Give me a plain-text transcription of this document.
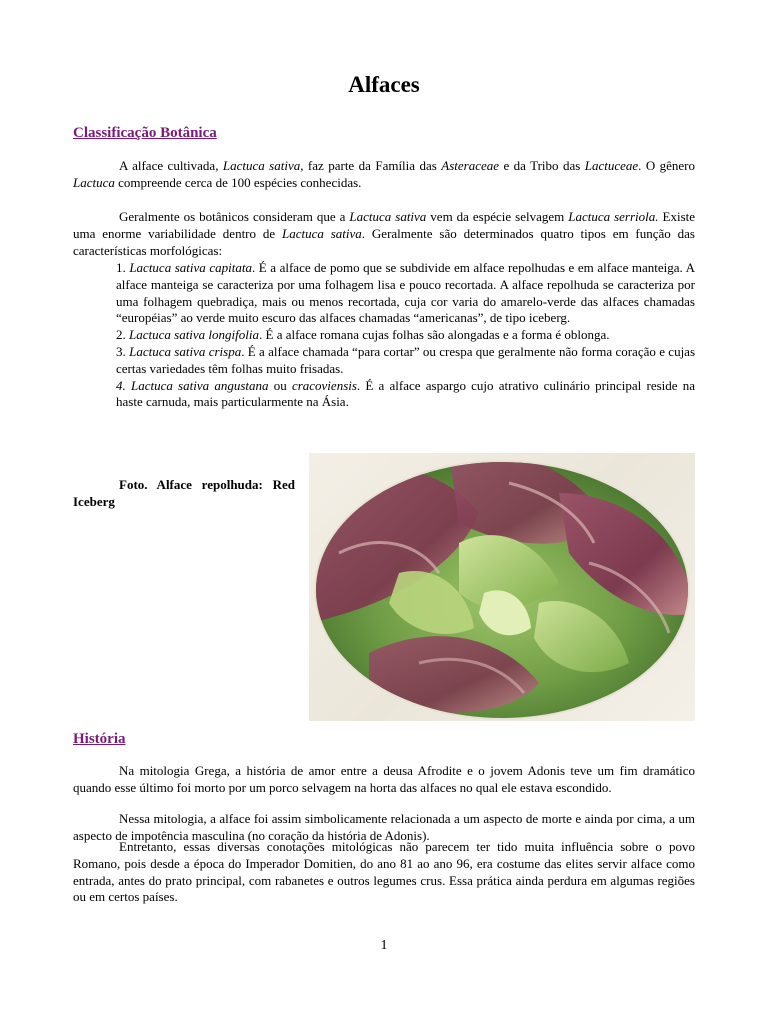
Alfaces
Classificação Botânica

A alface cultivada, Lactuca sativa, faz parte da Família das Asteraceae e da Tribo das Lactuceae. O gênero Lactuca compreende cerca de 100 espécies conhecidas.

Geralmente os botânicos consideram que a Lactuca sativa vem da espécie selvagem Lactuca serriola. Existe uma enorme variabilidade dentro de Lactuca sativa. Geralmente são determinados quatro tipos em função das características morfológicas:

1. Lactuca sativa capitata. É a alface de pomo que se subdivide em alface repolhudas e em alface manteiga. A alface manteiga se caracteriza por uma folhagem lisa e pouco recortada. A alface repolhuda se caracteriza por uma folhagem quebradiça, mais ou menos recortada, cuja cor varia do amarelo-verde das alfaces chamadas “européias” ao verde muito escuro das alfaces chamadas “americanas”, de tipo iceberg.
2. Lactuca sativa longifolia. É a alface romana cujas folhas são alongadas e a forma é oblonga.
3. Lactuca sativa crispa. É a alface chamada “para cortar” ou crespa que geralmente não forma coração e cujas certas variedades têm folhas muito frisadas.
4. Lactuca sativa angustana ou cracoviensis. É a alface aspargo cujo atrativo culinário principal reside na haste carnuda, mais particularmente na Ásia.

Foto. Alface repolhuda: Red Iceberg

História

Na mitologia Grega, a história de amor entre a deusa Afrodite e o jovem Adonis teve um fim dramático quando esse último foi morto por um porco selvagem na horta das alfaces no qual ele estava escondido.

Nessa mitologia, a alface foi assim simbolicamente relacionada a um aspecto de morte e ainda por cima, a um aspecto de impotência masculina (no coração da história de Adonis).

Entretanto, essas diversas conotações mitológicas não parecem ter tido muita influência sobre o povo Romano, pois desde a época do Imperador Domitien, do ano 81 ao ano 96, era costume das elites servir alface como entrada, antes do prato principal, com rabanetes e outros legumes crus. Essa prática ainda perdura em algumas regiões ou em certos países.

1
